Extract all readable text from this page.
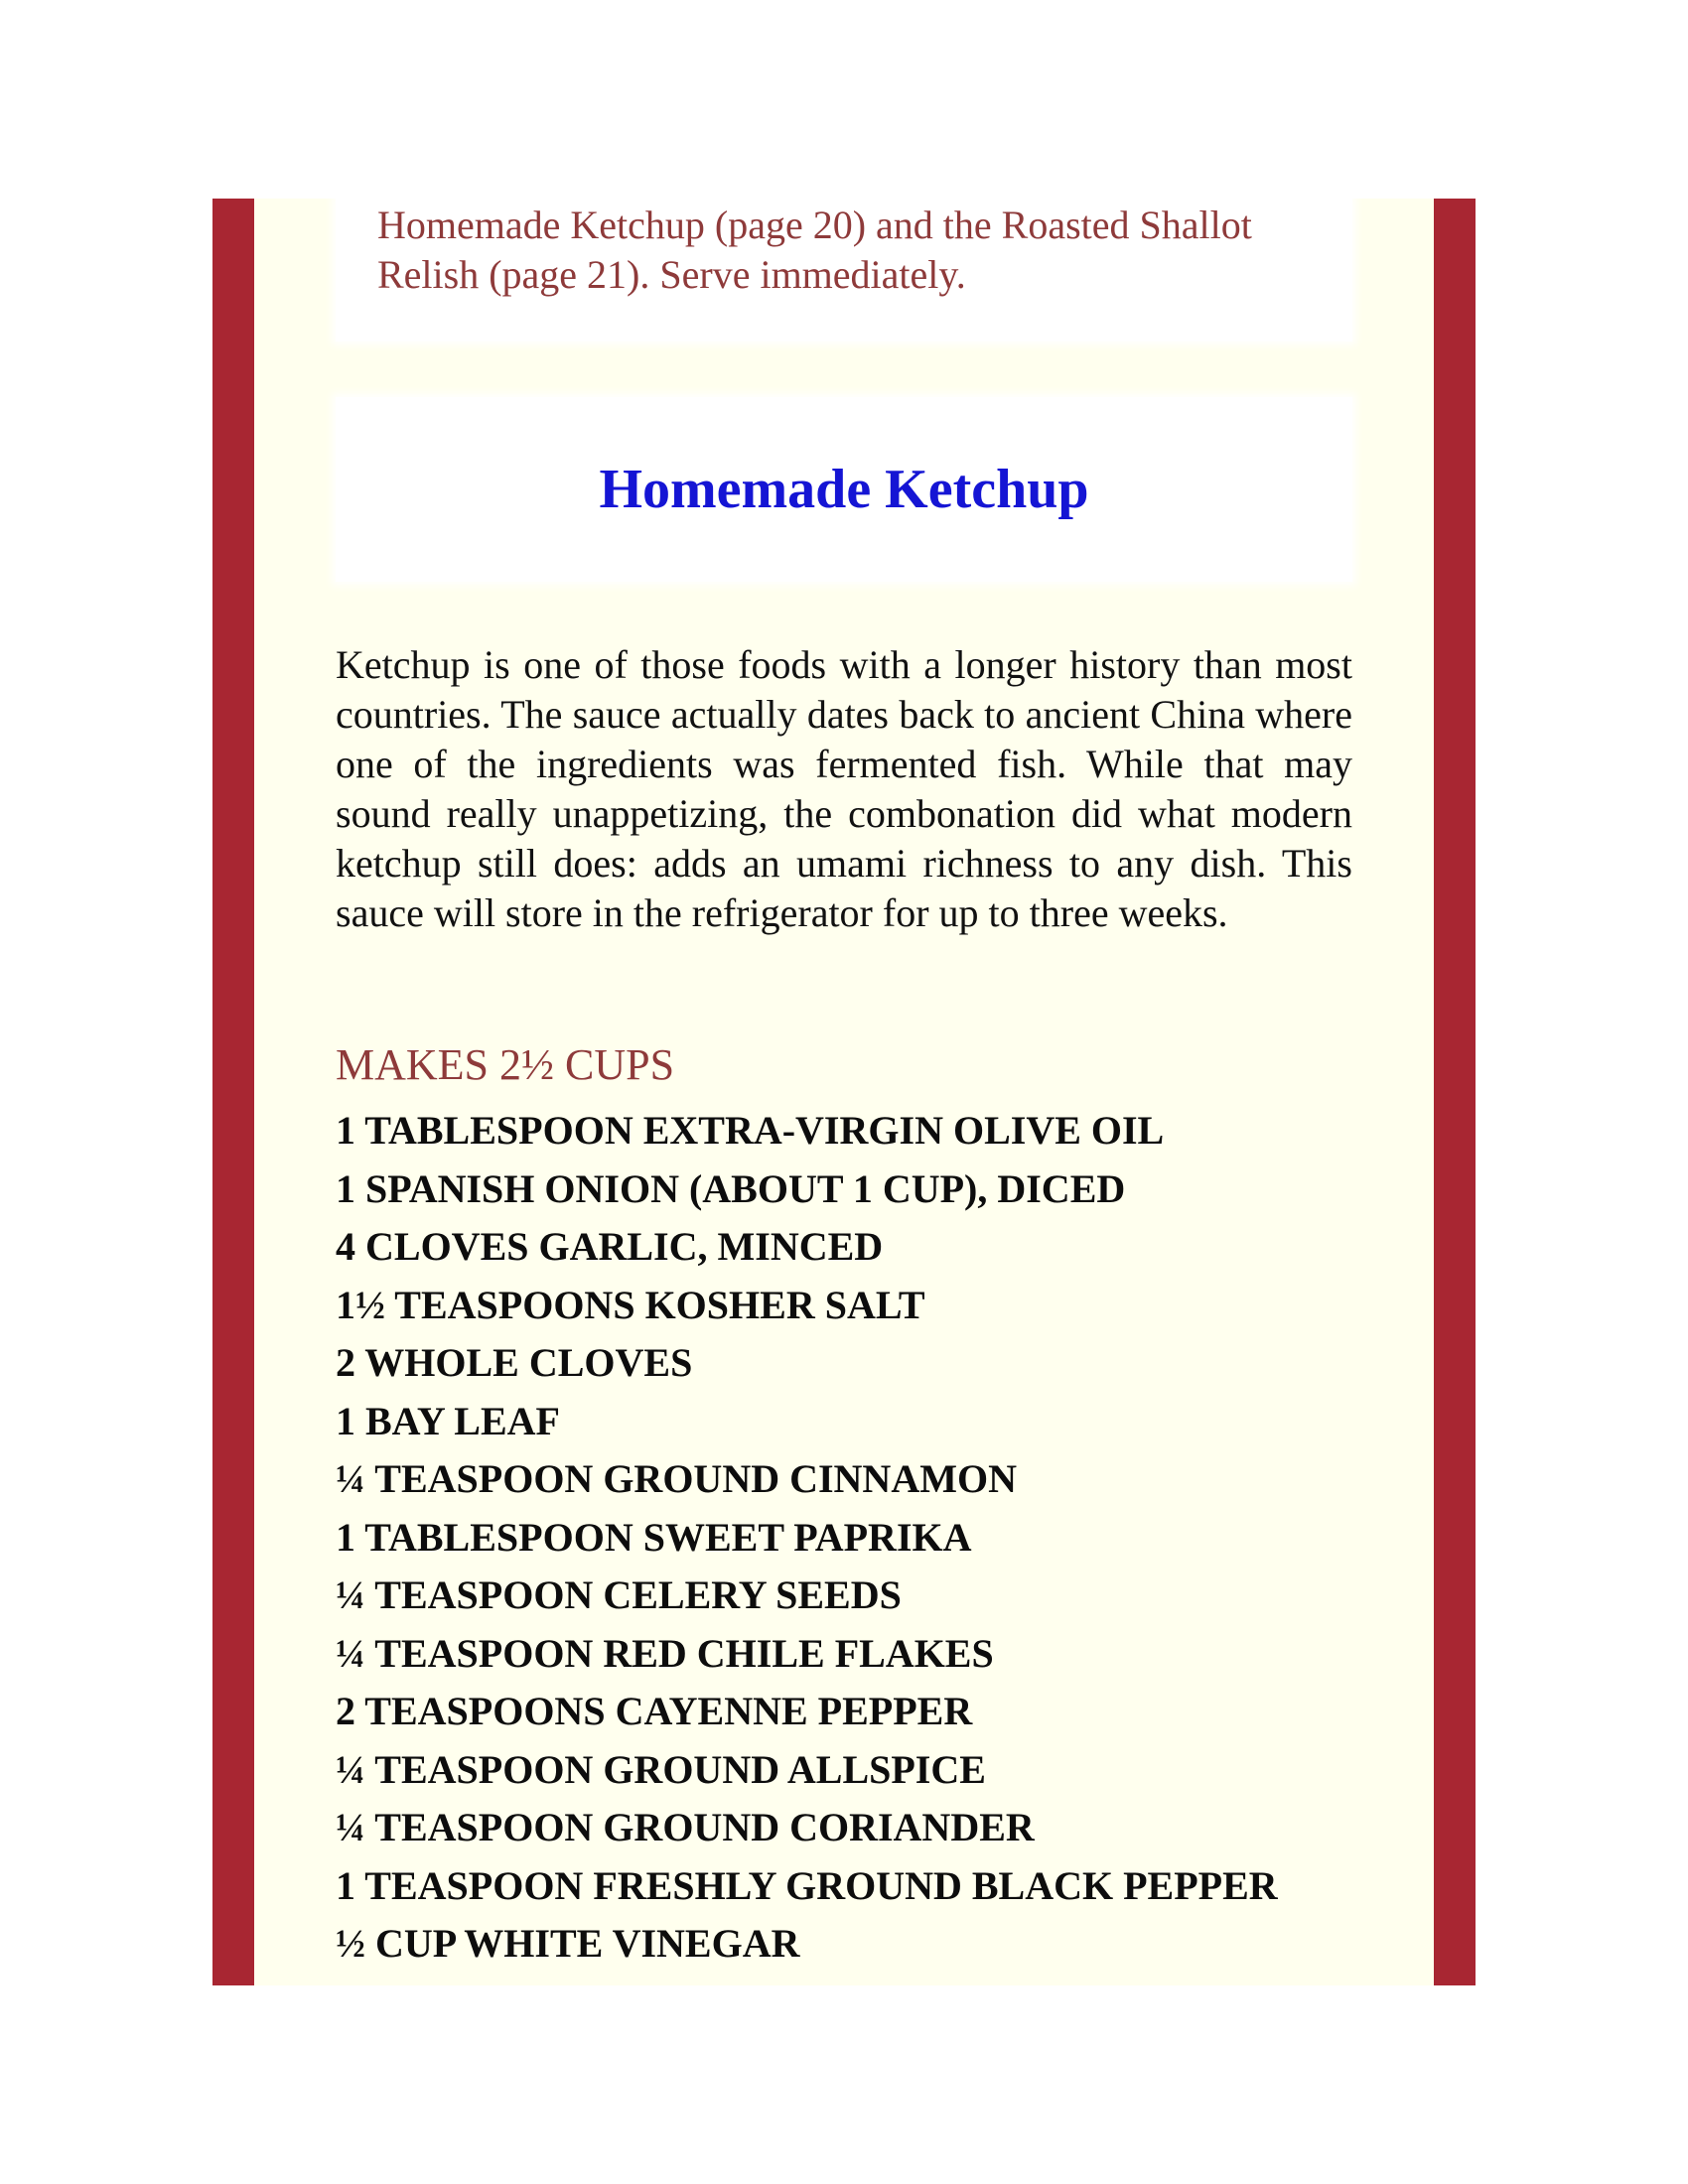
Homemade Ketchup (page 20) and the Roasted Shallot Relish (page 21). Serve immediately.

Homemade Ketchup

Ketchup is one of those foods with a longer history than most countries. The sauce actually dates back to ancient China where one of the ingredients was fermented fish. While that may sound really unappetizing, the combonation did what modern ketchup still does: adds an umami richness to any dish. This sauce will store in the refrigerator for up to three weeks.

MAKES 2½ CUPS

1 TABLESPOON EXTRA-VIRGIN OLIVE OIL
1 SPANISH ONION (ABOUT 1 CUP), DICED
4 CLOVES GARLIC, MINCED
1½ TEASPOONS KOSHER SALT
2 WHOLE CLOVES
1 BAY LEAF
¼ TEASPOON GROUND CINNAMON
1 TABLESPOON SWEET PAPRIKA
¼ TEASPOON CELERY SEEDS
¼ TEASPOON RED CHILE FLAKES
2 TEASPOONS CAYENNE PEPPER
¼ TEASPOON GROUND ALLSPICE
¼ TEASPOON GROUND CORIANDER
1 TEASPOON FRESHLY GROUND BLACK PEPPER
½ CUP WHITE VINEGAR
